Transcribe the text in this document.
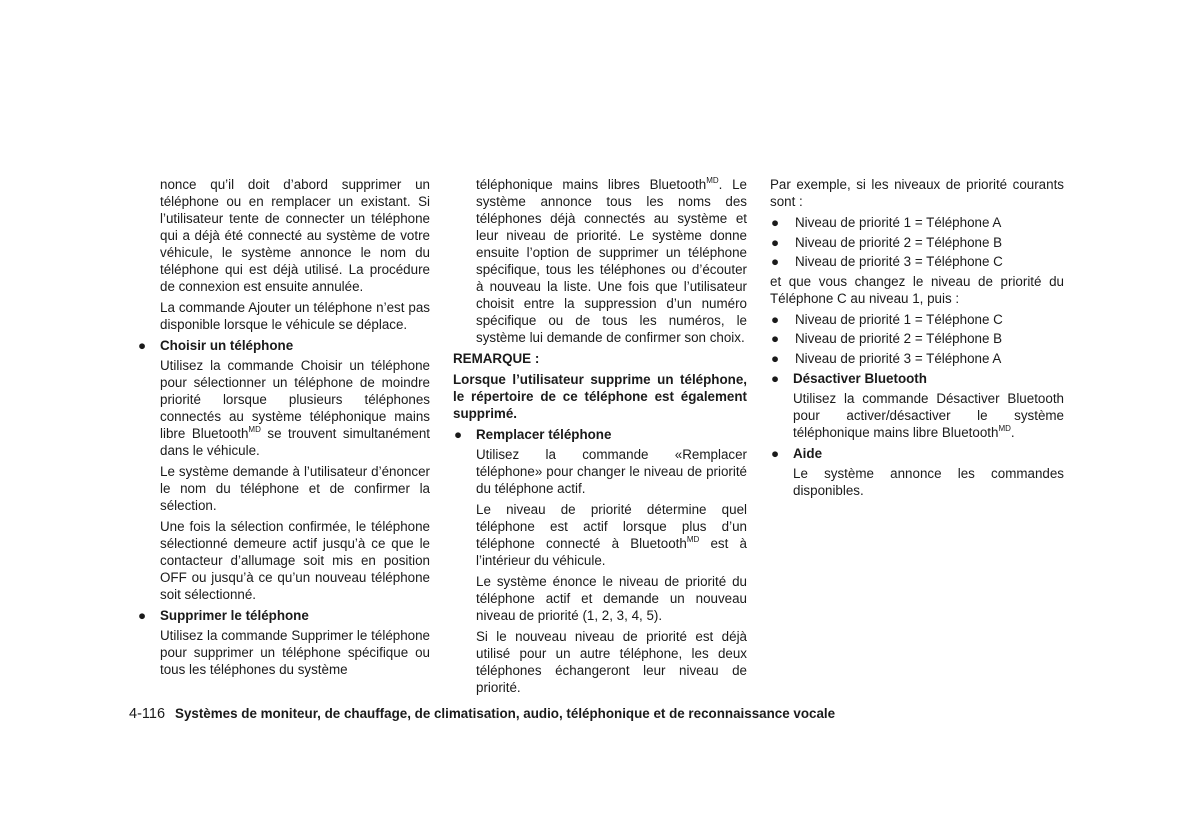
nonce qu’il doit d’abord supprimer un téléphone ou en remplacer un existant. Si l’utilisateur tente de connecter un téléphone qui a déjà été connecté au système de votre véhicule, le système annonce le nom du téléphone qui est déjà utilisé. La procédure de connexion est ensuite annulée.

La commande Ajouter un téléphone n’est pas disponible lorsque le véhicule se déplace.

● Choisir un téléphone

Utilisez la commande Choisir un téléphone pour sélectionner un téléphone de moindre priorité lorsque plusieurs téléphones connectés au système téléphonique mains libre Bluetooth$^{MD}$ se trouvent simultanément dans le véhicule.

Le système demande à l’utilisateur d’énoncer le nom du téléphone et de confirmer la sélection.

Une fois la sélection confirmée, le téléphone sélectionné demeure actif jusqu’à ce que le contacteur d’allumage soit mis en position OFF ou jusqu’à ce qu’un nouveau téléphone soit sélectionné.

● Supprimer le téléphone

Utilisez la commande Supprimer le téléphone pour supprimer un téléphone spécifique ou tous les téléphones du système

téléphonique mains libres Bluetooth$^{MD}$. Le système annonce tous les noms des téléphones déjà connectés au système et leur niveau de priorité. Le système donne ensuite l’option de supprimer un téléphone spécifique, tous les téléphones ou d’écouter à nouveau la liste. Une fois que l’utilisateur choisit entre la suppression d’un numéro spécifique ou de tous les numéros, le système lui demande de confirmer son choix.

REMARQUE :

Lorsque l’utilisateur supprime un téléphone, le répertoire de ce téléphone est également supprimé.

● Remplacer téléphone

Utilisez la commande «Remplacer téléphone» pour changer le niveau de priorité du téléphone actif.

Le niveau de priorité détermine quel téléphone est actif lorsque plus d’un téléphone connecté à Bluetooth$^{MD}$ est à l’intérieur du véhicule.

Le système énonce le niveau de priorité du téléphone actif et demande un nouveau niveau de priorité (1, 2, 3, 4, 5).

Si le nouveau niveau de priorité est déjà utilisé pour un autre téléphone, les deux téléphones échangeront leur niveau de priorité.

Par exemple, si les niveaux de priorité courants sont :

● Niveau de priorité 1 = Téléphone A
● Niveau de priorité 2 = Téléphone B
● Niveau de priorité 3 = Téléphone C

et que vous changez le niveau de priorité du Téléphone C au niveau 1, puis :

● Niveau de priorité 1 = Téléphone C
● Niveau de priorité 2 = Téléphone B
● Niveau de priorité 3 = Téléphone A
● Désactiver Bluetooth

Utilisez la commande Désactiver Bluetooth pour activer/désactiver le système téléphonique mains libre Bluetooth$^{MD}$.

● Aide

Le système annonce les commandes disponibles.

4-116 Systèmes de moniteur, de chauffage, de climatisation, audio, téléphonique et de reconnaissance vocale
